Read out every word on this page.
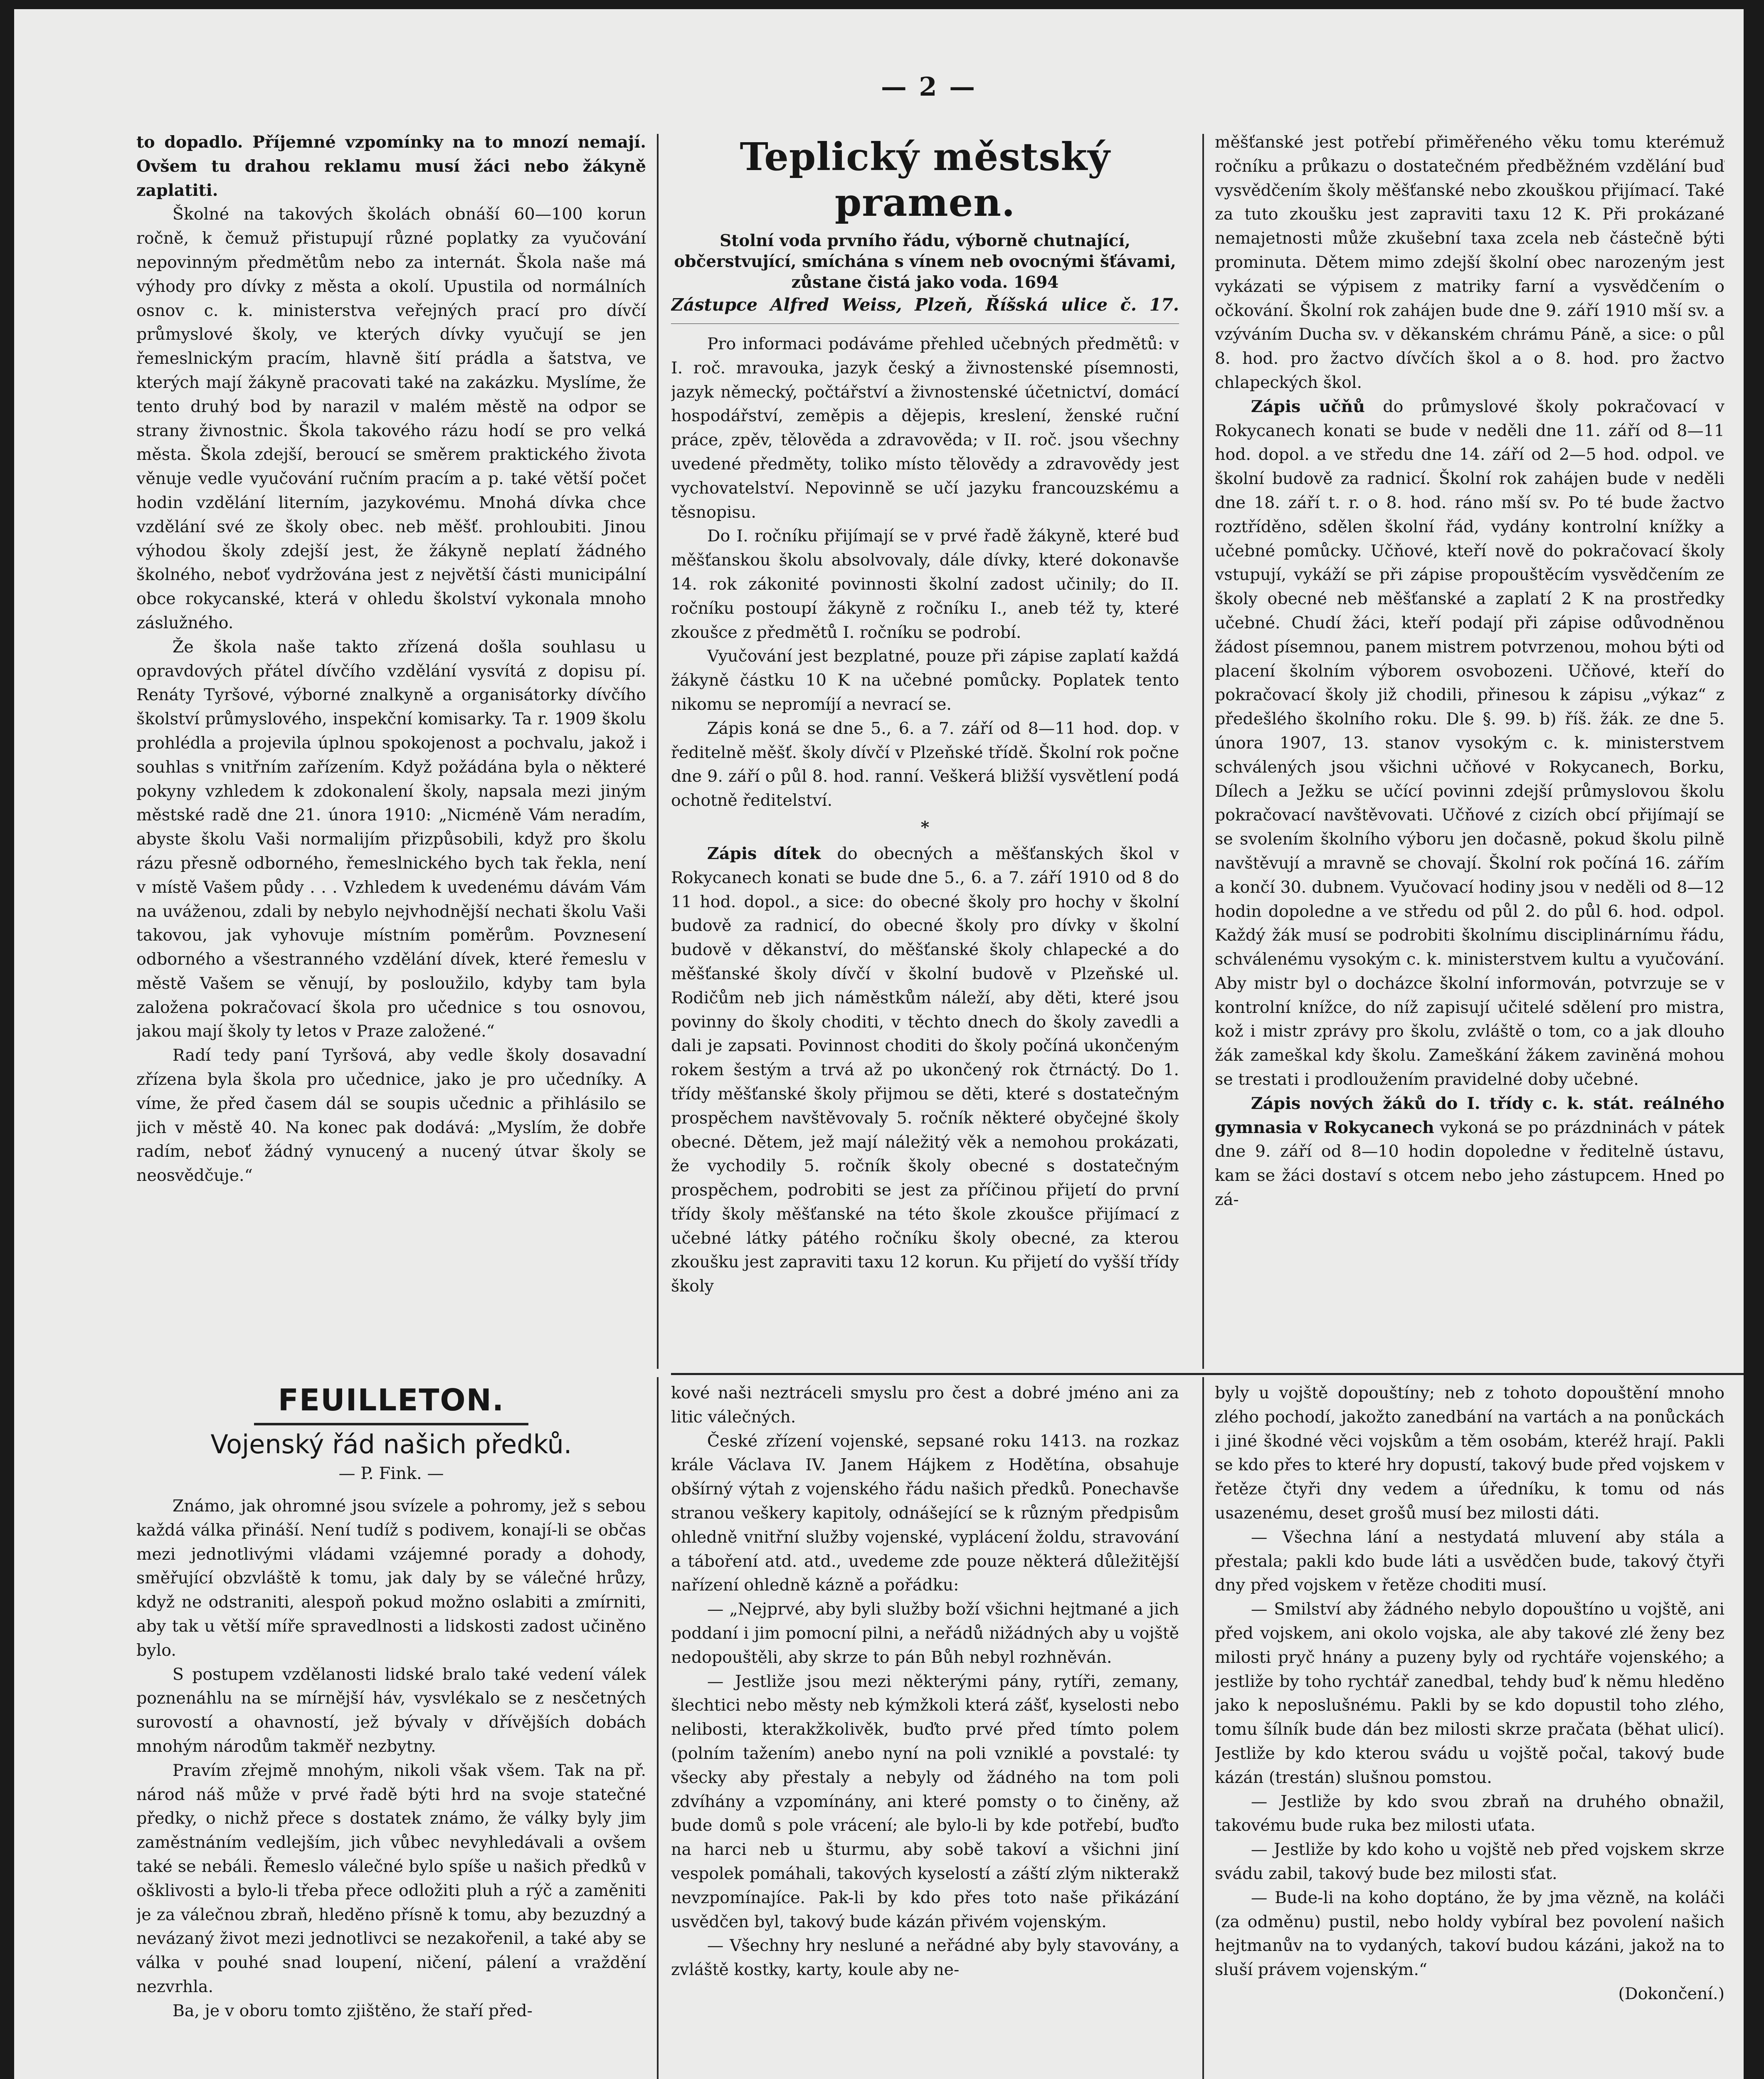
— 2 —

to dopadlo. Příjemné vzpomínky na to mnozí nemají. Ovšem tu drahou reklamu musí žáci nebo žákyně zaplatiti.

Školné na takových školách obnáší 60—100 korun ročně, k čemuž přistupují různé poplatky za vyučování nepovinným předmětům nebo za internát. Škola naše má výhody pro dívky z města a okolí. Upustila od normálních osnov c. k. ministerstva veřejných prací pro dívčí průmyslové školy, ve kterých dívky vyučují se jen řemeslnickým pracím, hlavně šití prádla a šatstva, ve kterých mají žákyně pracovati také na zakázku. Myslíme, že tento druhý bod by narazil v malém městě na odpor se strany živnostnic. Škola takového rázu hodí se pro velká města. Škola zdejší, beroucí se směrem praktického života věnuje vedle vyučování ručním pracím a p. také větší počet hodin vzdělání literním, jazykovému. Mnohá dívka chce vzdělání své ze školy obec. neb měšť. prohloubiti. Jinou výhodou školy zdejší jest, že žákyně neplatí žádného školného, neboť vydržována jest z největší části municipální obce rokycanské, která v ohledu školství vykonala mnoho záslužného.

Že škola naše takto zřízená došla souhlasu u opravdových přátel dívčího vzdělání vysvítá z dopisu pí. Renáty Tyršové, výborné znalkyně a organisátorky dívčího školství průmyslového, inspekční komisarky. Ta r. 1909 školu prohlédla a projevila úplnou spokojenost a pochvalu, jakož i souhlas s vnitřním zařízením. Když požádána byla o některé pokyny vzhledem k zdokonalení školy, napsala mezi jiným městské radě dne 21. února 1910: „Nicméně Vám neradím, abyste školu Vaši normalijím přizpůsobili, když pro školu rázu přesně odborného, řemeslnického bych tak řekla, není v místě Vašem půdy . . . Vzhledem k uvedenému dávám Vám na uváženou, zdali by nebylo nejvhodnější nechati školu Vaši takovou, jak vyhovuje místním poměrům. Povznesení odborného a všestranného vzdělání dívek, které řemeslu v městě Vašem se věnují, by posloužilo, kdyby tam byla založena pokračovací škola pro učednice s tou osnovou, jakou mají školy ty letos v Praze založené.“

Radí tedy paní Tyršová, aby vedle školy dosavadní zřízena byla škola pro učednice, jako je pro učedníky. A víme, že před časem dál se soupis učednic a přihlásilo se jich v městě 40. Na konec pak dodává: „Myslím, že dobře radím, neboť žádný vynucený a nucený útvar školy se neosvědčuje.“

Teplický městský pramen.
Stolní voda prvního řádu, výborně chutnající, občerstvující, smíchána s vínem neb ovocnými šťávami, zůstane čistá jako voda. 1694
Zástupce Alfred Weiss, Plzeň, Říšská ulice č. 17.

Pro informaci podáváme přehled učebných předmětů: v I. roč. mravouka, jazyk český a živnostenské písemnosti, jazyk německý, počtářství a živnostenské účetnictví, domácí hospodářství, zeměpis a dějepis, kreslení, ženské ruční práce, zpěv, tělověda a zdravověda; v II. roč. jsou všechny uvedené předměty, toliko místo tělovědy a zdravovědy jest vychovatelství. Nepovinně se učí jazyku francouzskému a těsnopisu.

Do I. ročníku přijímají se v prvé řadě žákyně, které buď měšťanskou školu absolvovaly, dále dívky, které dokonavše 14. rok zákonité povinnosti školní zadost učinily; do II. ročníku postoupí žákyně z ročníku I., aneb též ty, které zkoušce z předmětů I. ročníku se podrobí.

Vyučování jest bezplatné, pouze při zápise zaplatí každá žákyně částku 10 K na učebné pomůcky. Poplatek tento nikomu se nepromíjí a nevrací se.

Zápis koná se dne 5., 6. a 7. září od 8—11 hod. dop. v ředitelně měšť. školy dívčí v Plzeňské třídě. Školní rok počne dne 9. září o půl 8. hod. ranní. Veškerá bližší vysvětlení podá ochotně ředitelství.

*

Zápis dítek do obecných a měšťanských škol v Rokycanech konati se bude dne 5., 6. a 7. září 1910 od 8 do 11 hod. dopol., a sice: do obecné školy pro hochy v školní budově za radnicí, do obecné školy pro dívky v školní budově v děkanství, do měšťanské školy chlapecké a do měšťanské školy dívčí v školní budově v Plzeňské ul. Rodičům neb jich náměstkům náleží, aby děti, které jsou povinny do školy choditi, v těchto dnech do školy zavedli a dali je zapsati. Povinnost choditi do školy počíná ukončeným rokem šestým a trvá až po ukončený rok čtrnáctý. Do 1. třídy měšťanské školy přijmou se děti, které s dostatečným prospěchem navštěvovaly 5. ročník některé obyčejné školy obecné. Dětem, jež mají náležitý věk a nemohou prokázati, že vychodily 5. ročník školy obecné s dostatečným prospěchem, podrobiti se jest za příčinou přijetí do první třídy školy měšťanské na této škole zkoušce přijímací z učebné látky pátého ročníku školy obecné, za kterou zkoušku jest zapraviti taxu 12 korun. Ku přijetí do vyšší třídy školy

měšťanské jest potřebí přiměřeného věku tomu kterémuž ročníku a průkazu o dostatečném předběžném vzdělání buď vysvědčením školy měšťanské nebo zkouškou přijímací. Také za tuto zkoušku jest zapraviti taxu 12 K. Při prokázané nemajetnosti může zkušební taxa zcela neb částečně býti prominuta. Dětem mimo zdejší školní obec narozeným jest vykázati se výpisem z matriky farní a vysvědčením o očkování. Školní rok zahájen bude dne 9. září 1910 mší sv. a vzýváním Ducha sv. v děkanském chrámu Páně, a sice: o půl 8. hod. pro žactvo dívčích škol a o 8. hod. pro žactvo chlapeckých škol.

Zápis učňů do průmyslové školy pokračovací v Rokycanech konati se bude v neděli dne 11. září od 8—11 hod. dopol. a ve středu dne 14. září od 2—5 hod. odpol. ve školní budově za radnicí. Školní rok zahájen bude v neděli dne 18. září t. r. o 8. hod. ráno mší sv. Po té bude žactvo roztříděno, sdělen školní řád, vydány kontrolní knížky a učebné pomůcky. Učňové, kteří nově do pokračovací školy vstupují, vykáží se při zápise propouštěcím vysvědčením ze školy obecné neb měšťanské a zaplatí 2 K na prostředky učebné. Chudí žáci, kteří podají při zápise odůvodněnou žádost písemnou, panem mistrem potvrzenou, mohou býti od placení školním výborem osvobozeni. Učňové, kteří do pokračovací školy již chodili, přinesou k zápisu „výkaz“ z předešlého školního roku. Dle §. 99. b) říš. žák. ze dne 5. února 1907, 13. stanov vysokým c. k. ministerstvem schválených jsou všichni učňové v Rokycanech, Borku, Dílech a Ježku se učící povinni zdejší průmyslovou školu pokračovací navštěvovati. Učňové z cizích obcí přijímají se se svolením školního výboru jen dočasně, pokud školu pilně navštěvují a mravně se chovají. Školní rok počíná 16. zářím a končí 30. dubnem. Vyučovací hodiny jsou v neděli od 8—12 hodin dopoledne a ve středu od půl 2. do půl 6. hod. odpol. Každý žák musí se podrobiti školnímu disciplinárnímu řádu, schválenému vysokým c. k. ministerstvem kultu a vyučování. Aby mistr byl o docházce školní informován, potvrzuje se v kontrolní knížce, do níž zapisují učitelé sdělení pro mistra, kož i mistr zprávy pro školu, zvláště o tom, co a jak dlouho žák zameškal kdy školu. Zameškání žákem zaviněná mohou se trestati i prodloužením pravidelné doby učebné.

Zápis nových žáků do I. třídy c. k. stát. reálného gymnasia v Rokycanech vykoná se po prázdninách v pátek dne 9. září od 8—10 hodin dopoledne v ředitelně ústavu, kam se žáci dostaví s otcem nebo jeho zástupcem. Hned po zá-

FEUILLETON.
Vojenský řád našich předků.
— P. Fink. —

Známo, jak ohromné jsou svízele a pohromy, jež s sebou každá válka přináší. Není tudíž s podivem, konají-li se občas mezi jednotlivými vládami vzájemné porady a dohody, směřující obzvláště k tomu, jak daly by se válečné hrůzy, když ne odstraniti, alespoň pokud možno oslabiti a zmírniti, aby tak u větší míře spravedlnosti a lidskosti zadost učiněno bylo.

S postupem vzdělanosti lidské bralo také vedení válek poznenáhlu na se mírnější háv, vysvlékalo se z nesčetných surovostí a ohavností, jež bývaly v dřívějších dobách mnohým národům takměř nezbytny.

Pravím zřejmě mnohým, nikoli však všem. Tak na př. národ náš může v prvé řadě býti hrd na svoje statečné předky, o nichž přece s dostatek známo, že války byly jim zaměstnáním vedlejším, jich vůbec nevyhledávali a ovšem také se nebáli. Řemeslo válečné bylo spíše u našich předků v ošklivosti a bylo-li třeba přece odložiti pluh a rýč a zaměniti je za válečnou zbraň, hleděno přísně k tomu, aby bezuzdný a nevázaný život mezi jednotlivci se nezakořenil, a také aby se válka v pouhé snad loupení, ničení, pálení a vraždění nezvrhla.

Ba, je v oboru tomto zjištěno, že staří před-

kové naši neztráceli smyslu pro čest a dobré jméno ani za litic válečných.

České zřízení vojenské, sepsané roku 1413. na rozkaz krále Václava IV. Janem Hájkem z Hodětína, obsahuje obšírný výtah z vojenského řádu našich předků. Ponechavše stranou veškery kapitoly, odnášející se k různým předpisům ohledně vnitřní služby vojenské, vyplácení žoldu, stravování a táboření atd. atd., uvedeme zde pouze některá důležitější nařízení ohledně kázně a pořádku:

— „Nejprvé, aby byli služby boží všichni hejtmané a jich poddaní i jim pomocní pilni, a neřádů nižádných aby u vojště nedopouštěli, aby skrze to pán Bůh nebyl rozhněván.

— Jestliže jsou mezi některými pány, rytíři, zemany, šlechtici nebo městy neb kýmžkoli která zášť, kyselosti nebo nelibosti, kterakžkolivěk, buďto prvé před tímto polem (polním tažením) anebo nyní na poli vzniklé a povstalé: ty všecky aby přestaly a nebyly od žádného na tom poli zdvíhány a vzpomínány, ani které pomsty o to činěny, až bude domů s pole vrácení; ale bylo-li by kde potřebí, buďto na harci neb u šturmu, aby sobě takoví a všichni jiní vespolek pomáhali, takových kyselostí a záští zlým nikterakž nevzpomínajíce. Pak-li by kdo přes toto naše přikázání usvědčen byl, takový bude kázán přivém vojenským.

— Všechny hry nesluné a neřádné aby byly stavovány, a zvláště kostky, karty, koule aby ne-

byly u vojště dopouštíny; neb z tohoto dopouštění mnoho zlého pochodí, jakožto zanedbání na vartách a na ponůckách i jiné škodné věci vojskům a těm osobám, kteréž hrají. Pakli se kdo přes to které hry dopustí, takový bude před vojskem v řetěze čtyři dny vedem a úředníku, k tomu od nás usazenému, deset grošů musí bez milosti dáti.

— Všechna lání a nestydatá mluvení aby stála a přestala; pakli kdo bude láti a usvědčen bude, takový čtyři dny před vojskem v řetěze choditi musí.

— Smilství aby žádného nebylo dopouštíno u vojště, ani před vojskem, ani okolo vojska, ale aby takové zlé ženy bez milosti pryč hnány a puzeny byly od rychtáře vojenského; a jestliže by toho rychtář zanedbal, tehdy buď k němu hleděno jako k neposlušnému. Pakli by se kdo dopustil toho zlého, tomu šílník bude dán bez milosti skrze pračata (běhat ulicí). Jestliže by kdo kterou svádu u vojště počal, takový bude kázán (trestán) slušnou pomstou.

— Jestliže by kdo svou zbraň na druhého obnažil, takovému bude ruka bez milosti uťata.

— Jestliže by kdo koho u vojště neb před vojskem skrze svádu zabil, takový bude bez milosti sťat.

— Bude-li na koho doptáno, že by jma vězně, na koláči (za odměnu) pustil, nebo holdy vybíral bez povolení našich hejtmanův na to vydaných, takoví budou kázáni, jakož na to sluší právem vojenským.“

(Dokončení.)
